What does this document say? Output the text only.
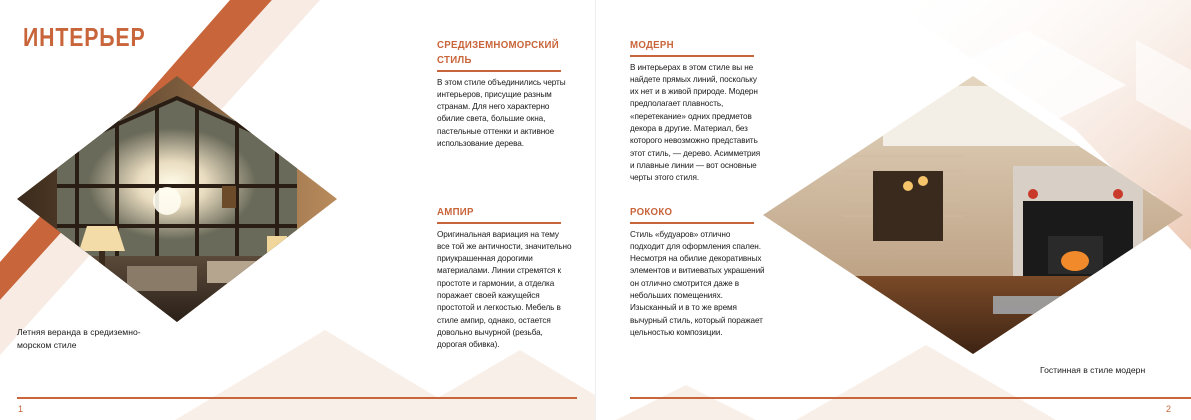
ИНТЕРЬЕР

Летняя веранда в средиземно-морском стиле

СРЕДИЗЕМНОМОРСКИЙ СТИЛЬ

В этом стиле объединились черты интерьеров, присущие разным странам. Для него характерно обилие света, большие окна, пастельные оттенки и активное использование дерева.

АМПИР

Оригинальная вариация на тему все той же античности, значительно приукрашенная дорогими материалами. Линии стремятся к простоте и гармонии, а отделка поражает своей кажущейся простотой и легкостью. Мебель в стиле ампир, однако, остается довольно вычурной (резьба, дорогая обивка).

1

МОДЕРН

В интерьерах в этом стиле вы не найдете прямых линий, поскольку их нет и в живой природе. Модерн предполагает плавность, «перетекание» одних предметов декора в другие. Материал, без которого невозможно представить этот стиль, — дерево. Асимметрия и плавные линии — вот основные черты этого стиля.

РОКОКО

Стиль «будуаров» отлично подходит для оформления спален. Несмотря на обилие декоративных элементов и витиеватых украшений он отлично смотрится даже в небольших помещениях. Изысканный и в то же время вычурный стиль, который поражает цельностью композиции.

Гостинная в стиле модерн

2
